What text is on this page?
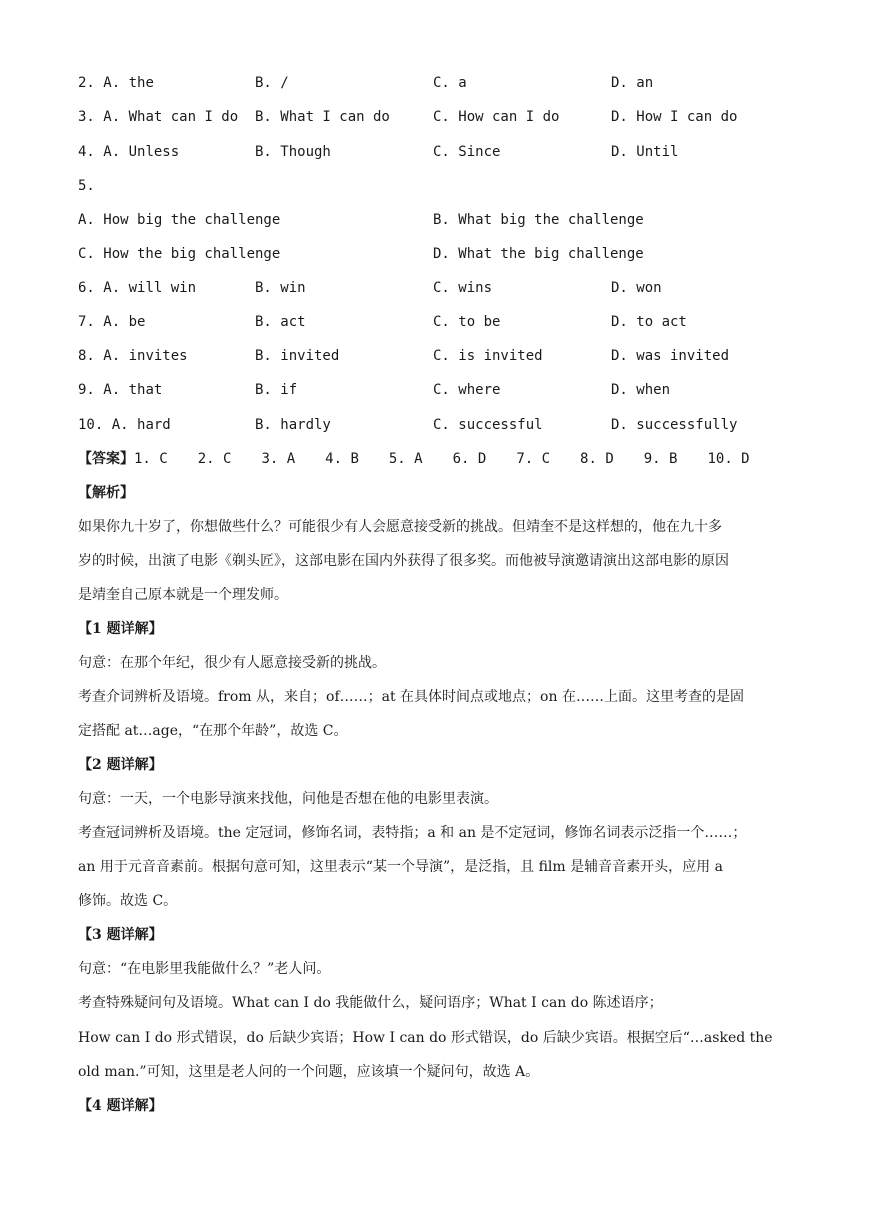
2. A. the	B. /	C. a	D. an
3. A. What can I do B. What I can do	C. How can I do	D. How I can do
4. A. Unless	B. Though	C. Since	D. Until
5.
A. How big the challenge	B. What big the challenge
C. How the big challenge	D. What the big challenge
6. A. will win	B. win	C. wins	D. won
7. A. be	B. act	C. to be	D. to act
8. A. invites	B. invited	C. is invited	D. was invited
9. A. that	B. if	C. where	D. when
10. A. hard	B. hardly	C. successful	D. successfully
【答案】1. C 2. C 3. A 4. B 5. A 6. D 7. C 8. D 9. B 10. D
【解析】
如果你九十岁了，你想做些什么？可能很少有人会愿意接受新的挑战。但靖奎不是这样想的，他在九十多
岁的时候，出演了电影《剃头匠》，这部电影在国内外获得了很多奖。而他被导演邀请演出这部电影的原因
是靖奎自己原本就是一个理发师。
【1 题详解】
句意：在那个年纪，很少有人愿意接受新的挑战。
考查介词辨析及语境。from 从，来自；of……；at 在具体时间点或地点；on 在……上面。这里考查的是固
定搭配 at…age，“在那个年龄”，故选 C。
【2 题详解】
句意：一天，一个电影导演来找他，问他是否想在他的电影里表演。
考查冠词辨析及语境。the 定冠词，修饰名词，表特指；a 和 an 是不定冠词，修饰名词表示泛指一个……；
an 用于元音音素前。根据句意可知，这里表示“某一个导演”，是泛指，且 film 是辅音音素开头，应用 a
修饰。故选 C。
【3 题详解】
句意：“在电影里我能做什么？”老人问。
考查特殊疑问句及语境。What can I do 我能做什么，疑问语序；What I can do 陈述语序；
How can I do 形式错误，do 后缺少宾语；How I can do 形式错误，do 后缺少宾语。根据空后“…asked the
old man.”可知，这里是老人问的一个问题，应该填一个疑问句，故选 A。
【4 题详解】
